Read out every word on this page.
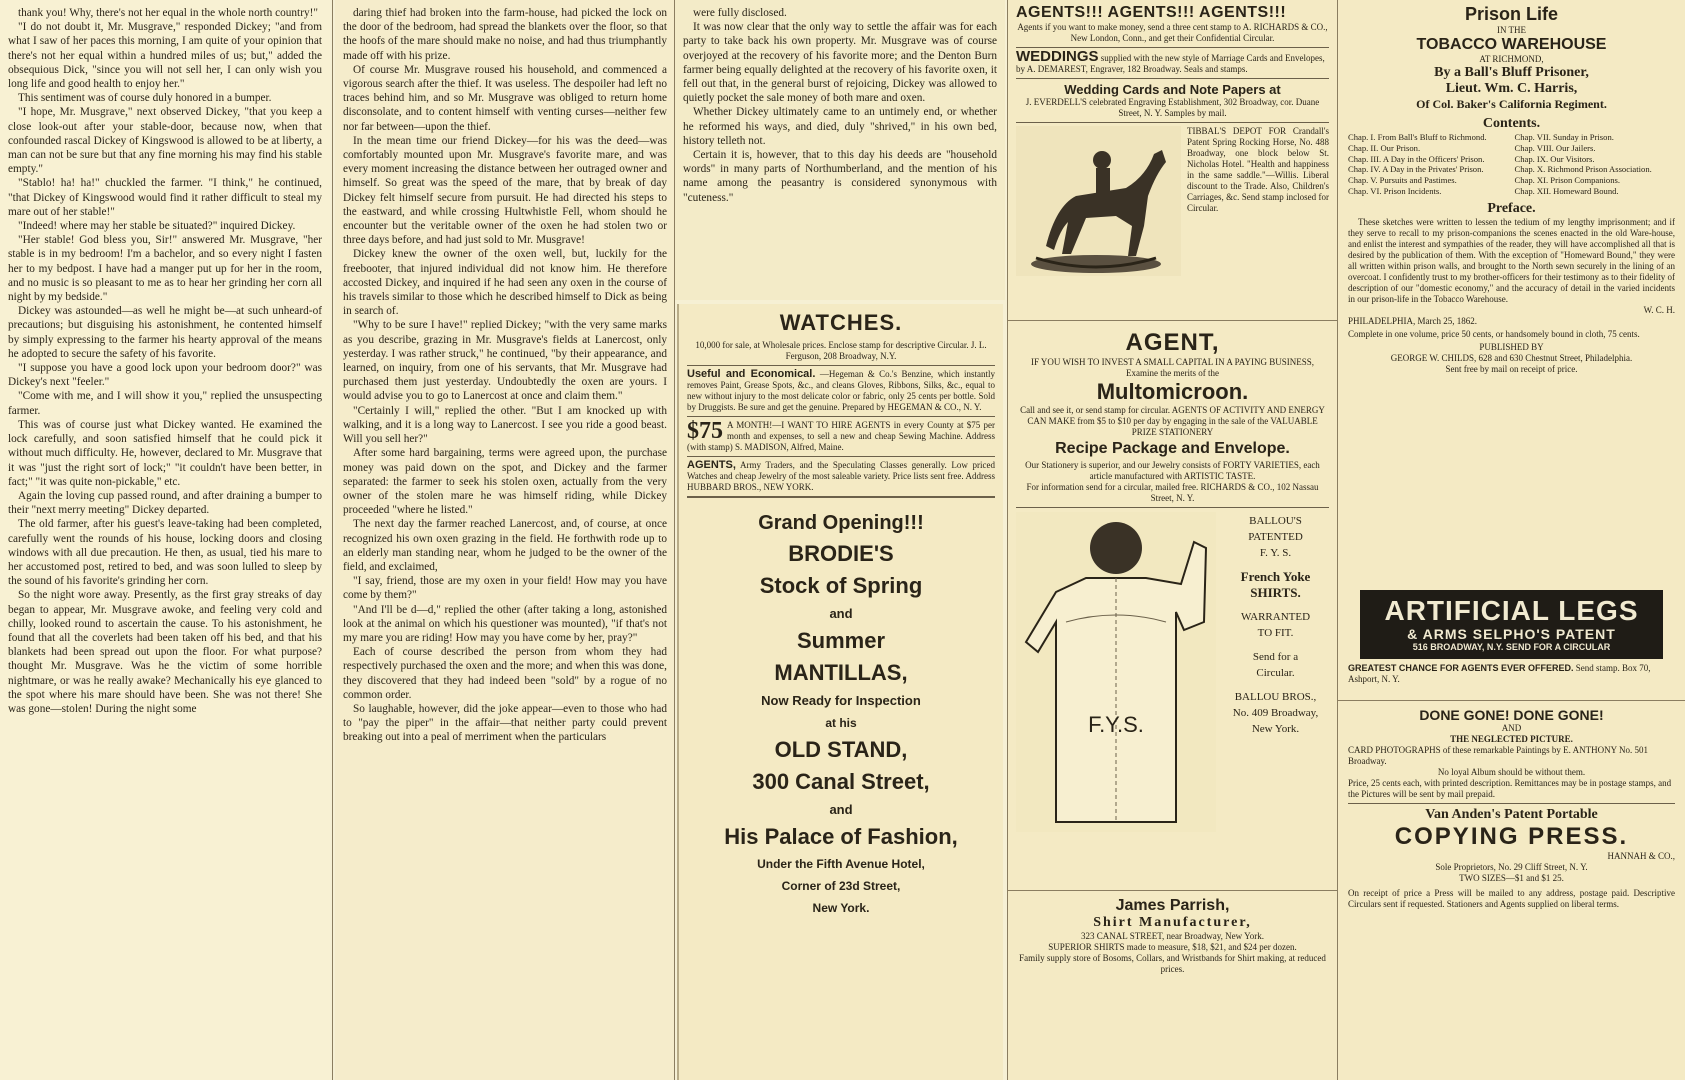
thank you! Why, there's not her equal in the whole north country!"

"I do not doubt it, Mr. Musgrave," responded Dickey; "and from what I saw of her paces this morning, I am quite of your opinion that there's not her equal within a hundred miles of us; but," added the obsequious Dick, "since you will not sell her, I can only wish you long life and good health to enjoy her."

This sentiment was of course duly honored in a bumper.

"I hope, Mr. Musgrave," next observed Dickey, "that you keep a close look-out after your stable-door, because now, when that confounded rascal Dickey of Kingswood is allowed to be at liberty, a man can not be sure but that any fine morning his may find his stable empty."

"Stablo! ha! ha!" chuckled the farmer. "I think," he continued, "that Dickey of Kingswood would find it rather difficult to steal my mare out of her stable!"

"Indeed! where may her stable be situated?" inquired Dickey.

"Her stable! God bless you, Sir!" answered Mr. Musgrave, "her stable is in my bedroom! I'm a bachelor, and so every night I fasten her to my bedpost. I have had a manger put up for her in the room, and no music is so pleasant to me as to hear her grinding her corn all night by my bedside."

Dickey was astounded—as well he might be—at such unheard-of precautions; but disguising his astonishment, he contented himself by simply expressing to the farmer his hearty approval of the means he adopted to secure the safety of his favorite.

"I suppose you have a good lock upon your bedroom door?" was Dickey's next "feeler."

"Come with me, and I will show it you," replied the unsuspecting farmer.

This was of course just what Dickey wanted. He examined the lock carefully, and soon satisfied himself that he could pick it without much difficulty. He, however, declared to Mr. Musgrave that it was "just the right sort of lock;" "it couldn't have been better, in fact;" "it was quite non-pickable," etc.

Again the loving cup passed round, and after draining a bumper to their "next merry meeting" Dickey departed.

The old farmer, after his guest's leave-taking had been completed, carefully went the rounds of his house, locking doors and closing windows with all due precaution. He then, as usual, tied his mare to her accustomed post, retired to bed, and was soon lulled to sleep by the sound of his favorite's grinding her corn.

So the night wore away. Presently, as the first gray streaks of day began to appear, Mr. Musgrave awoke, and feeling very cold and chilly, looked round to ascertain the cause. To his astonishment, he found that all the coverlets had been taken off his bed, and that his blankets had been spread out upon the floor. For what purpose? thought Mr. Musgrave. Was he the victim of some horrible nightmare, or was he really awake? Mechanically his eye glanced to the spot where his mare should have been. She was not there! She was gone—stolen! During the night some

daring thief had broken into the farm-house, had picked the lock on the door of the bedroom, had spread the blankets over the floor, so that the hoofs of the mare should make no noise, and had thus triumphantly made off with his prize.

Of course Mr. Musgrave roused his household, and commenced a vigorous search after the thief. It was useless. The despoiler had left no traces behind him, and so Mr. Musgrave was obliged to return home disconsolate, and to content himself with venting curses—neither few nor far between—upon the thief.

In the mean time our friend Dickey—for his was the deed—was comfortably mounted upon Mr. Musgrave's favorite mare, and was every moment increasing the distance between her outraged owner and himself. So great was the speed of the mare, that by break of day Dickey felt himself secure from pursuit. He had directed his steps to the eastward, and while crossing Hultwhistle Fell, whom should he encounter but the veritable owner of the oxen he had stolen two or three days before, and had just sold to Mr. Musgrave!

Dickey knew the owner of the oxen well, but, luckily for the freebooter, that injured individual did not know him. He therefore accosted Dickey, and inquired if he had seen any oxen in the course of his travels similar to those which he described himself to Dick as being in search of.

"Why to be sure I have!" replied Dickey; "with the very same marks as you describe, grazing in Mr. Musgrave's fields at Lanercost, only yesterday. I was rather struck," he continued, "by their appearance, and learned, on inquiry, from one of his servants, that Mr. Musgrave had purchased them just yesterday. Undoubtedly the oxen are yours. I would advise you to go to Lanercost at once and claim them."

"Certainly I will," replied the other. "But I am knocked up with walking, and it is a long way to Lanercost. I see you ride a good beast. Will you sell her?"

After some hard bargaining, terms were agreed upon, the purchase money was paid down on the spot, and Dickey and the farmer separated: the farmer to seek his stolen oxen, actually from the very owner of the stolen mare he was himself riding, while Dickey proceeded "where he listed."

The next day the farmer reached Lanercost, and, of course, at once recognized his own oxen grazing in the field. He forthwith rode up to an elderly man standing near, whom he judged to be the owner of the field, and exclaimed,

"I say, friend, those are my oxen in your field! How may you have come by them?"

"And I'll be d—d," replied the other (after taking a long, astonished look at the animal on which his questioner was mounted), "if that's not my mare you are riding! How may you have come by her, pray?"

Each of course described the person from whom they had respectively purchased the oxen and the more; and when this was done, they discovered that they had indeed been "sold" by a rogue of no common order.

So laughable, however, did the joke appear—even to those who had to "pay the piper" in the affair—that neither party could prevent breaking out into a peal of merriment when the particulars

were fully disclosed.

It was now clear that the only way to settle the affair was for each party to take back his own property. Mr. Musgrave was of course overjoyed at the recovery of his favorite more; and the Denton Burn farmer being equally delighted at the recovery of his favorite oxen, it fell out that, in the general burst of rejoicing, Dickey was allowed to quietly pocket the sale money of both mare and oxen.

Whether Dickey ultimately came to an untimely end, or whether he reformed his ways, and died, duly "shrived," in his own bed, history telleth not.

Certain it is, however, that to this day his deeds are "household words" in many parts of Northumberland, and the mention of his name among the peasantry is considered synonymous with "cuteness."

WATCHES.
10,000 for sale, at Wholesale prices. Enclose stamp for descriptive Circular. J. L. Ferguson, 208 Broadway, N.Y.
Useful and Economical. —Hegeman & Co.'s Benzine, which instantly removes Paint, Grease Spots, &c., and cleans Gloves, Ribbons, Silks, &c., equal to new without injury to the most delicate color or fabric, only 25 cents per bottle. Sold by Druggists. Be sure and get the genuine. Prepared by HEGEMAN & CO., N. Y.
$75 A MONTH!—I WANT TO HIRE AGENTS in every County at $75 per month and expenses, to sell a new and cheap Sewing Machine. Address (with stamp) S. MADISON, Alfred, Maine.
AGENTS, Army Traders, and the Speculating Classes generally. Low priced Watches and cheap Jewelry of the most saleable variety. Price lists sent free. Address HUBBARD BROS., NEW YORK.
Grand Opening!!!
BRODIE'S
Stock of Spring
and
Summer
MANTILLAS,
Now Ready for Inspection
at his
OLD STAND,
300 Canal Street,
and
His Palace of Fashion,
Under the Fifth Avenue Hotel,
Corner of 23d Street,
New York.
AGENTS!!! AGENTS!!! AGENTS!!!
Agents if you want to make money, send a three cent stamp to A. RICHARDS & CO., New London, Conn., and get their Confidential Circular.
WEDDINGS supplied with the new style of Marriage Cards and Envelopes, by A. DEMAREST, Engraver, 182 Broadway. Seals and stamps.
Wedding Cards and Note Papers at
J. EVERDELL'S celebrated Engraving Establishment, 302 Broadway, cor. Duane Street, N. Y. Samples by mail.
TIBBAL'S DEPOT FOR Crandall's Patent Spring Rocking Horse, No. 488 Broadway, one block below St. Nicholas Hotel. "Health and happiness in the same saddle."—Willis. Liberal discount to the Trade. Also, Children's Carriages, &c. Send stamp inclosed for Circular.
AGENT,
IF YOU WISH TO INVEST A SMALL CAPITAL IN A PAYING BUSINESS,
Examine the merits of the
Multomicroon.
Call and see it, or send stamp for circular. AGENTS OF ACTIVITY AND ENERGY CAN MAKE from $5 to $10 per day by engaging in the sale of the VALUABLE PRIZE STATIONERY
Recipe Package and Envelope.
Our Stationery is superior, and our Jewelry consists of FORTY VARIETIES, each article manufactured with ARTISTIC TASTE.
For information send for a circular, mailed free. RICHARDS & CO., 102 Nassau Street, N. Y.
F.Y.S.
BALLOU'S
PATENTED
F. Y. S.
French Yoke
SHIRTS.
WARRANTED
TO FIT.
Send for a
Circular.
BALLOU BROS.,
No. 409 Broadway,
New York.
James Parrish,
Shirt Manufacturer,
323 CANAL STREET, near Broadway, New York.
SUPERIOR SHIRTS made to measure, $18, $21, and $24 per dozen.
Family supply store of Bosoms, Collars, and Wristbands for Shirt making, at reduced prices.
Prison Life
IN THE
TOBACCO WAREHOUSE
AT RICHMOND,
By a Ball's Bluff Prisoner,
Lieut. Wm. C. Harris,
Of Col. Baker's California Regiment.
Contents.
Chap. I. From Ball's Bluff to Richmond.	Chap. VII. Sunday in Prison.
Chap. II. Our Prison.	Chap. VIII. Our Jailers.
Chap. III. A Day in the Officers' Prison.	Chap. IX. Our Visitors.
Chap. IV. A Day in the Privates' Prison.	Chap. X. Richmond Prison Association.
Chap. V. Pursuits and Pastimes.	Chap. XI. Prison Companions.
Chap. VI. Prison Incidents.	Chap. XII. Homeward Bound.
Preface.
These sketches were written to lessen the tedium of my lengthy imprisonment; and if they serve to recall to my prison-companions the scenes enacted in the old Ware-house, and enlist the interest and sympathies of the reader, they will have accomplished all that is desired by the publication of them. With the exception of "Homeward Bound," they were all written within prison walls, and brought to the North sewn securely in the lining of an overcoat. I confidently trust to my brother-officers for their testimony as to their fidelity of description of our "domestic economy," and the accuracy of detail in the varied incidents in our prison-life in the Tobacco Warehouse.
W. C. H.
PHILADELPHIA, March 25, 1862.
Complete in one volume, price 50 cents, or handsomely bound in cloth, 75 cents.
PUBLISHED BY
GEORGE W. CHILDS, 628 and 630 Chestnut Street, Philadelphia.
Sent free by mail on receipt of price.
ARTIFICIAL LEGS
& ARMS SELPHO'S PATENT
516 BROADWAY, N.Y. SEND FOR A CIRCULAR
GREATEST CHANCE FOR AGENTS EVER OFFERED. Send stamp. Box 70, Ashport, N. Y.
DONE GONE! DONE GONE!
AND
THE NEGLECTED PICTURE.
CARD PHOTOGRAPHS of these remarkable Paintings by E. ANTHONY No. 501 Broadway.
No loyal Album should be without them.
Price, 25 cents each, with printed description. Remittances may be in postage stamps, and the Pictures will be sent by mail prepaid.
Van Anden's Patent Portable
COPYING PRESS.
HANNAH & CO.,
Sole Proprietors, No. 29 Cliff Street, N. Y.
TWO SIZES—$1 and $1 25.
On receipt of price a Press will be mailed to any address, postage paid. Descriptive Circulars sent if requested. Stationers and Agents supplied on liberal terms.
